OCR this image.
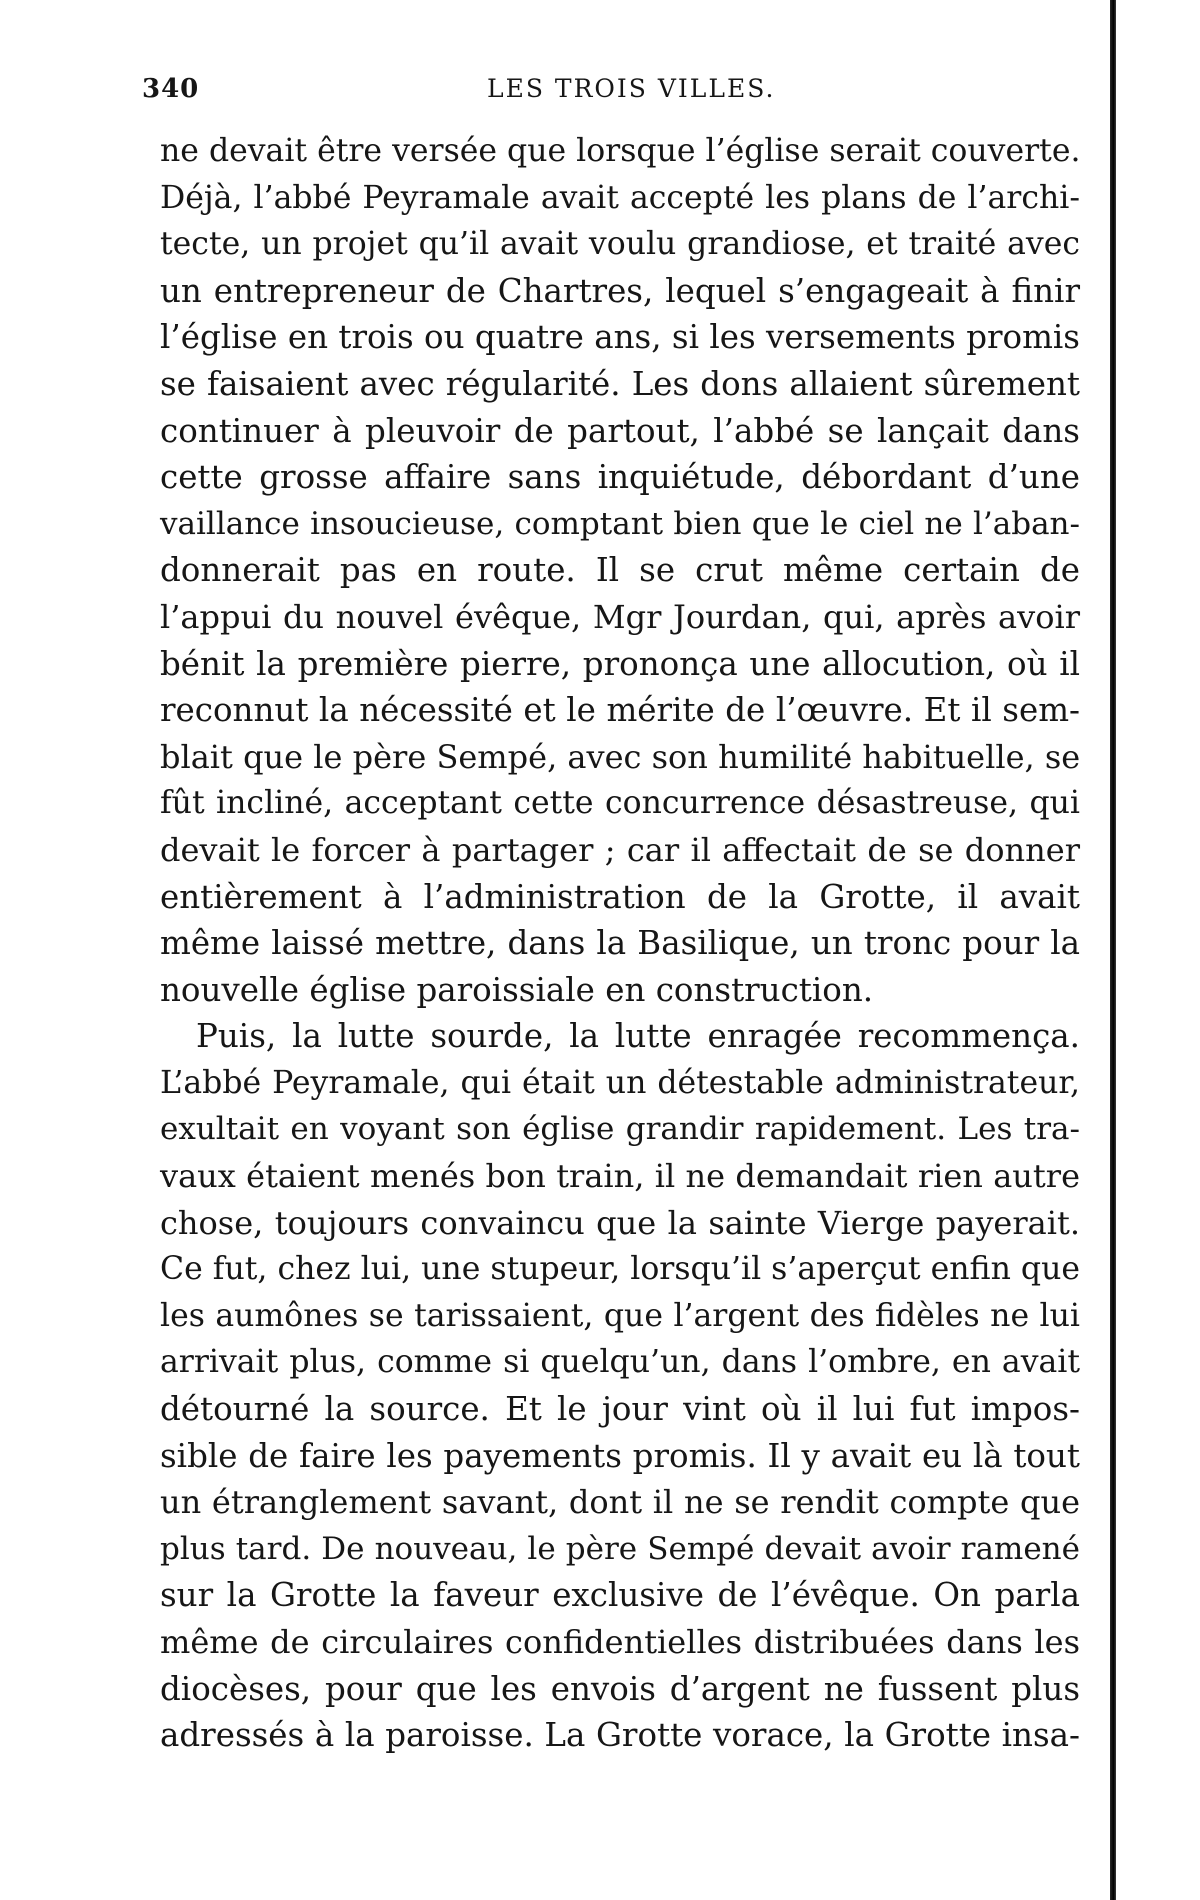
340	LES TROIS VILLES.
ne devait être versée que lorsque l’église serait couverte.
Déjà, l’abbé Peyramale avait accepté les plans de l’archi-
tecte, un projet qu’il avait voulu grandiose, et traité avec
un entrepreneur de Chartres, lequel s’engageait à finir
l’église en trois ou quatre ans, si les versements promis
se faisaient avec régularité. Les dons allaient sûrement
continuer à pleuvoir de partout, l’abbé se lançait dans
cette grosse affaire sans inquiétude, débordant d’une
vaillance insoucieuse, comptant bien que le ciel ne l’aban-
donnerait pas en route. Il se crut même certain de
l’appui du nouvel évêque, Mgr Jourdan, qui, après avoir
bénit la première pierre, prononça une allocution, où il
reconnut la nécessité et le mérite de l’œuvre. Et il sem-
blait que le père Sempé, avec son humilité habituelle, se
fût incliné, acceptant cette concurrence désastreuse, qui
devait le forcer à partager ; car il affectait de se donner
entièrement à l’administration de la Grotte, il avait
même laissé mettre, dans la Basilique, un tronc pour la
nouvelle église paroissiale en construction.
Puis, la lutte sourde, la lutte enragée recommença.
L’abbé Peyramale, qui était un détestable administrateur,
exultait en voyant son église grandir rapidement. Les tra-
vaux étaient menés bon train, il ne demandait rien autre
chose, toujours convaincu que la sainte Vierge payerait.
Ce fut, chez lui, une stupeur, lorsqu’il s’aperçut enfin que
les aumônes se tarissaient, que l’argent des fidèles ne lui
arrivait plus, comme si quelqu’un, dans l’ombre, en avait
détourné la source. Et le jour vint où il lui fut impos-
sible de faire les payements promis. Il y avait eu là tout
un étranglement savant, dont il ne se rendit compte que
plus tard. De nouveau, le père Sempé devait avoir ramené
sur la Grotte la faveur exclusive de l’évêque. On parla
même de circulaires confidentielles distribuées dans les
diocèses, pour que les envois d’argent ne fussent plus
adressés à la paroisse. La Grotte vorace, la Grotte insa-
